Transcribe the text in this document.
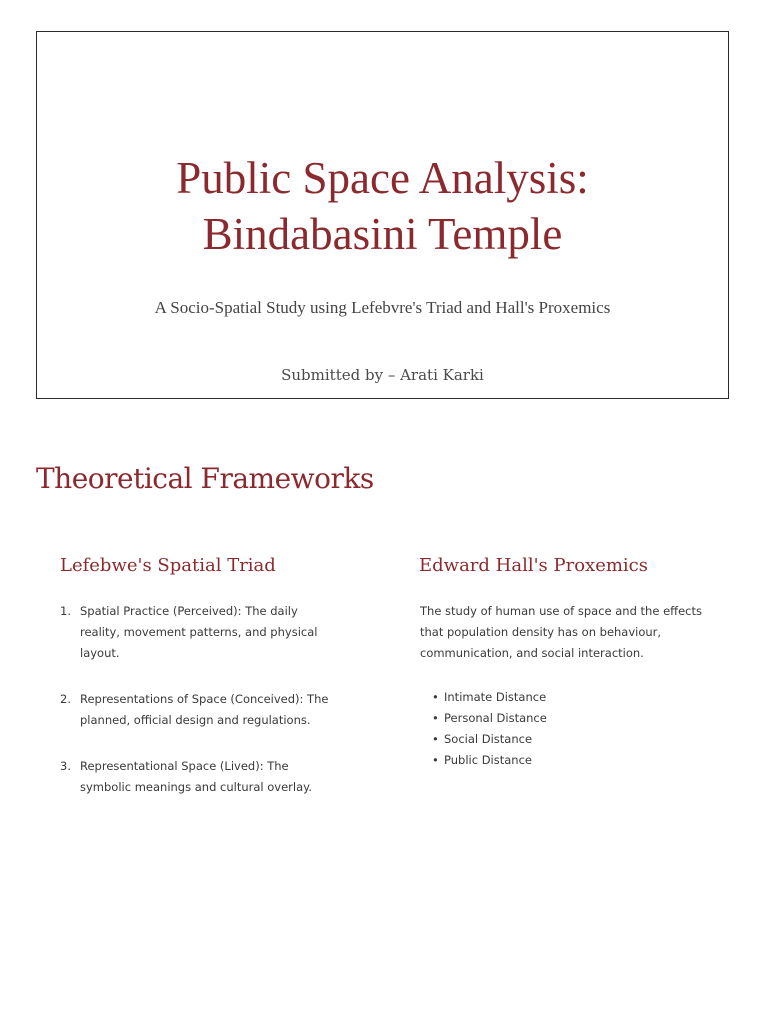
Public Space Analysis:
Bindabasini Temple
A Socio-Spatial Study using Lefebvre's Triad and Hall's Proxemics
Submitted by – Arati Karki
Theoretical Frameworks
Lefebwe's Spatial Triad
1. Spatial Practice (Perceived): The daily reality, movement patterns, and physical layout.
2. Representations of Space (Conceived): The planned, official design and regulations.
3. Representational Space (Lived): The symbolic meanings and cultural overlay.
Edward Hall's Proxemics

The study of human use of space and the effects that population density has on behaviour, communication, and social interaction.

• Intimate Distance
• Personal Distance
• Social Distance
• Public Distance
